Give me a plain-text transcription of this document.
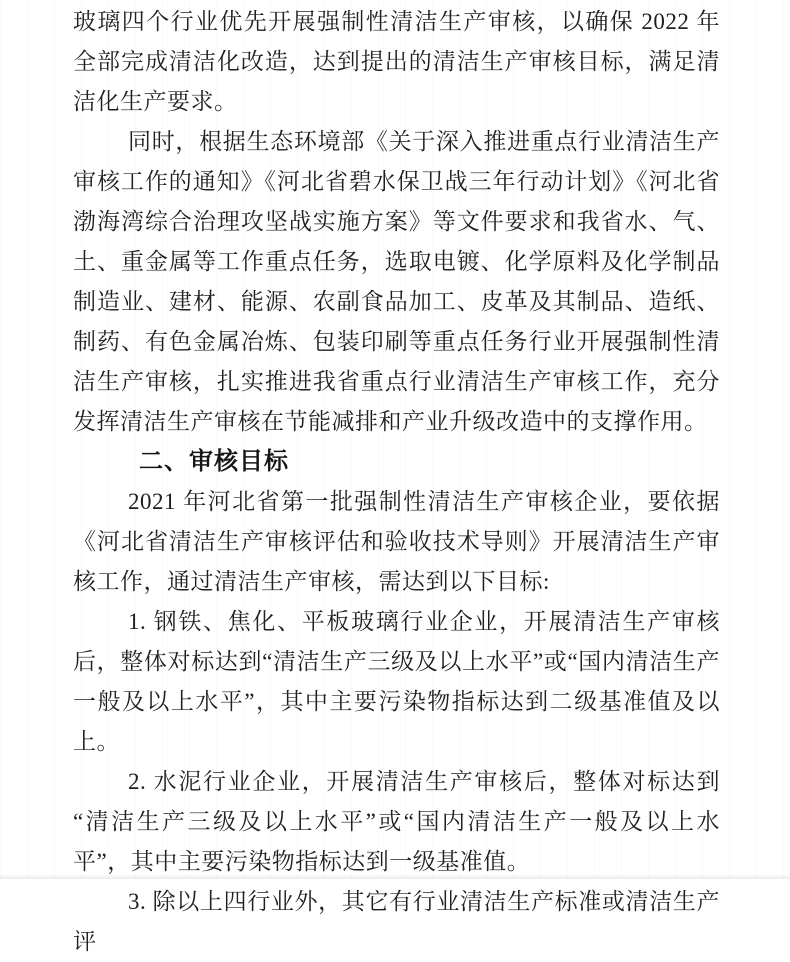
玻璃四个行业优先开展强制性清洁生产审核，以确保 2022 年全部完成清洁化改造，达到提出的清洁生产审核目标，满足清洁化生产要求。

同时，根据生态环境部《关于深入推进重点行业清洁生产审核工作的通知》《河北省碧水保卫战三年行动计划》《河北省渤海湾综合治理攻坚战实施方案》等文件要求和我省水、气、土、重金属等工作重点任务，选取电镀、化学原料及化学制品制造业、建材、能源、农副食品加工、皮革及其制品、造纸、制药、有色金属冶炼、包装印刷等重点任务行业开展强制性清洁生产审核，扎实推进我省重点行业清洁生产审核工作，充分发挥清洁生产审核在节能减排和产业升级改造中的支撑作用。

二、审核目标

2021 年河北省第一批强制性清洁生产审核企业，要依据《河北省清洁生产审核评估和验收技术导则》开展清洁生产审核工作，通过清洁生产审核，需达到以下目标:

1. 钢铁、焦化、平板玻璃行业企业，开展清洁生产审核后，整体对标达到“清洁生产三级及以上水平”或“国内清洁生产一般及以上水平”，其中主要污染物指标达到二级基准值及以上。

2. 水泥行业企业，开展清洁生产审核后，整体对标达到“清洁生产三级及以上水平”或“国内清洁生产一般及以上水平”，其中主要污染物指标达到一级基准值。

3. 除以上四行业外，其它有行业清洁生产标准或清洁生产评
